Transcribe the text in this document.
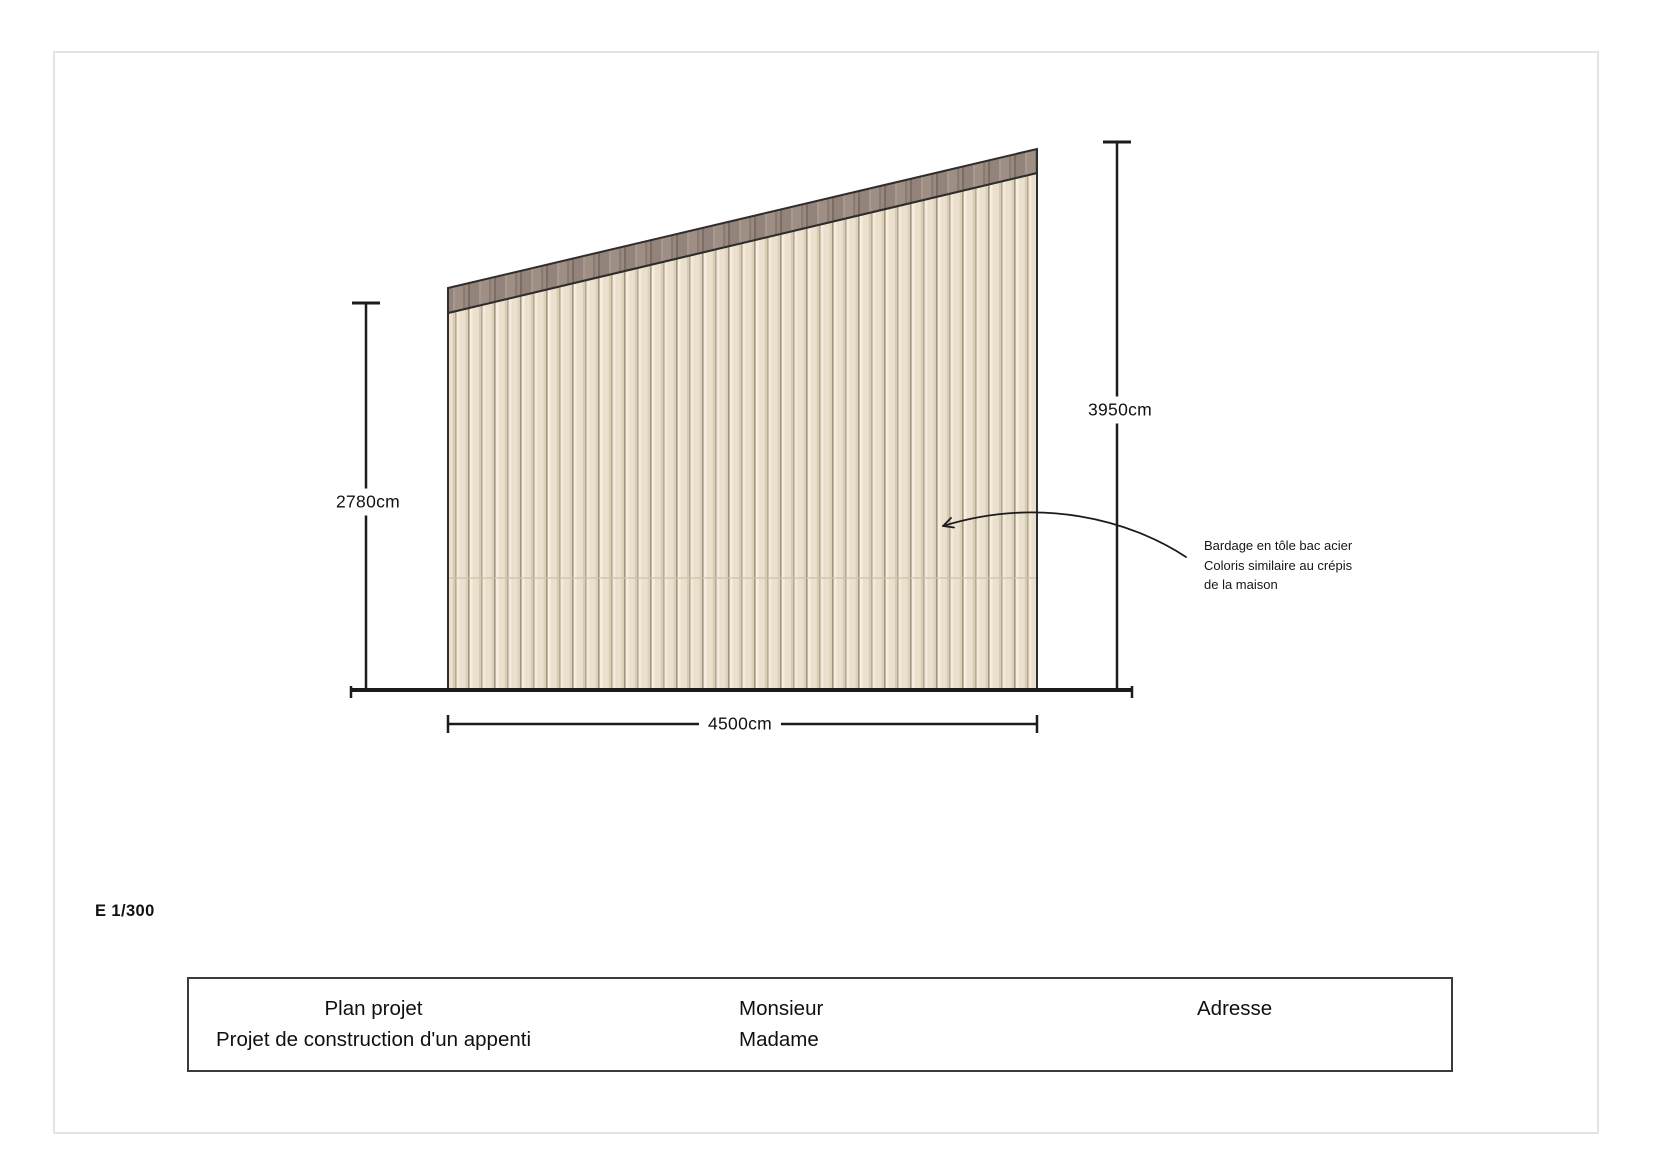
2780cm
3950cm
4500cm
Bardage en tôle bac acier
Coloris similaire au crépis
de la maison
E 1/300
Plan projet
Projet de construction d'un appenti
Monsieur
Madame
Adresse
